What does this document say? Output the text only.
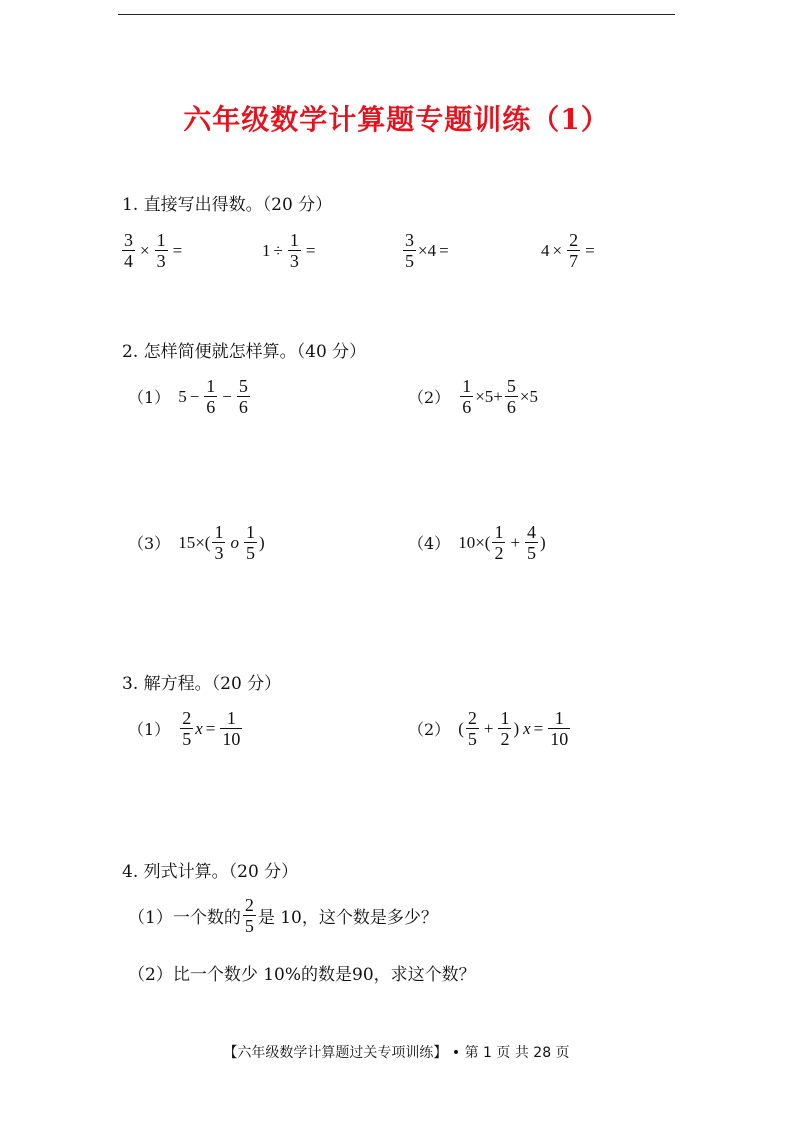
六年级数学计算题专题训练（1）
1. 直接写出得数。（20 分）
$\frac{3}{4} \times \frac{1}{3}$ =	$1 \div \frac{1}{3}$ =	$\frac{3}{5} \times 4$ =	$4 \times \frac{2}{7}$ =
2. 怎样简便就怎样算。（40 分）
（1） $5 - \frac{1}{6} - \frac{5}{6}$	$(2) \frac{1}{6} \times 5+ \frac{5}{6} \times 5$
（3） $15\times( \frac{1}{3}$ o $\frac{1}{5}$ )	（4） $10\times( \frac{1}{2} + \frac{4}{5}$ )
3. 解方程。（20 分）
$(1) \frac{2}{5}$ $x = \frac{1}{10}$	（2） ( $\frac{2}{5} + \frac{1}{2}$ ) $x = \frac{1}{10}$
4. 列式计算。（20 分）
（1）一个数的 $\frac{2}{5}$ 是 10，这个数是多少？
（2）比一个数少 10%的数是90，求这个数？
【六年级数学计算题过关专项训练】 • 第 1 页 共 28 页
